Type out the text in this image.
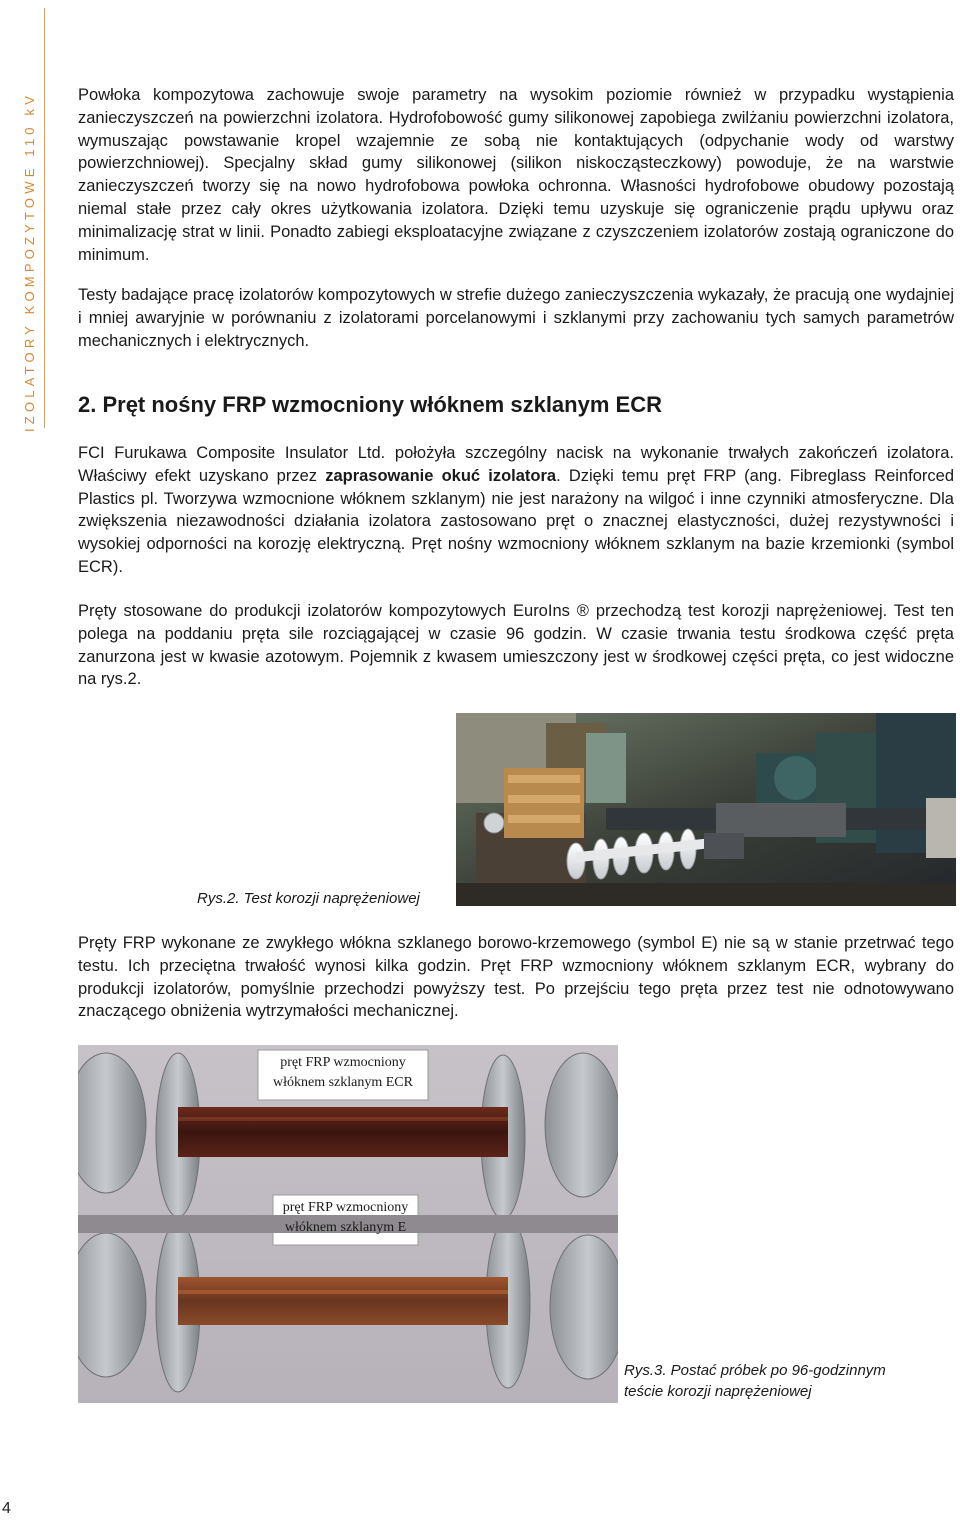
IZOLATORY KOMPOZYTOWE 110 kV Powłoka kompozytowa zachowuje swoje parametry na wysokim poziomie również w przypadku wystąpienia zanieczyszczeń na powierzchni izolatora. Hydrofobowość gumy silikonowej zapobiega zwilżaniu powierzchni izolatora, wymuszając powstawanie kropel wzajemnie ze sobą nie kontaktujących (odpychanie wody od warstwy powierzchniowej). Specjalny skład gumy silikonowej (silikon niskocząsteczkowy) powoduje, że na warstwie zanieczyszczeń tworzy się na nowo hydrofobowa powłoka ochronna. Własności hydrofobowe obudowy pozostają niemal stałe przez cały okres użytkowania izolatora. Dzięki temu uzyskuje się ograniczenie prądu upływu oraz minimalizację strat w linii. Ponadto zabiegi eksploatacyjne związane z czyszczeniem izolatorów zostają ograniczone do minimum.

Testy badające pracę izolatorów kompozytowych w strefie dużego zanieczyszczenia wykazały, że pracują one wydajniej i mniej awaryjnie w porównaniu z izolatorami porcelanowymi i szklanymi przy zachowaniu tych samych parametrów mechanicznych i elektrycznych.

2. Pręt nośny FRP wzmocniony włóknem szklanym ECR

FCI Furukawa Composite Insulator Ltd. położyła szczególny nacisk na wykonanie trwałych zakończeń izolatora. Właściwy efekt uzyskano przez zaprasowanie okuć izolatora. Dzięki temu pręt FRP (ang. Fibreglass Reinforced Plastics pl. Tworzywa wzmocnione włóknem szklanym) nie jest narażony na wilgoć i inne czynniki atmosferyczne. Dla zwiększenia niezawodności działania izolatora zastosowano pręt o znacznej elastyczności, dużej rezystywności i wysokiej odporności na korozję elektryczną. Pręt nośny wzmocniony włóknem szklanym na bazie krzemionki (symbol ECR).

Pręty stosowane do produkcji izolatorów kompozytowych EuroIns ® przechodzą test korozji naprężeniowej. Test ten polega na poddaniu pręta sile rozciągającej w czasie 96 godzin. W czasie trwania testu środkowa część pręta zanurzona jest w kwasie azotowym. Pojemnik z kwasem umieszczony jest w środkowej części pręta, co jest widoczne na rys.2.

Rys.2. Test korozji naprężeniowej

Pręty FRP wykonane ze zwykłego włókna szklanego borowo-krzemowego (symbol E) nie są w stanie przetrwać tego testu. Ich przeciętna trwałość wynosi kilka godzin. Pręt FRP wzmocniony włóknem szklanym ECR, wybrany do produkcji izolatorów, pomyślnie przechodzi powyższy test. Po przejściu tego pręta przez test nie odnotowywano znaczącego obniżenia wytrzymałości mechanicznej.

pręt FRP wzmocniony
włóknem szklanym ECR
pręt FRP wzmocniony
włóknem szklanym E
Rys.3. Postać próbek po 96-godzinnym
teście korozji naprężeniowej
4
